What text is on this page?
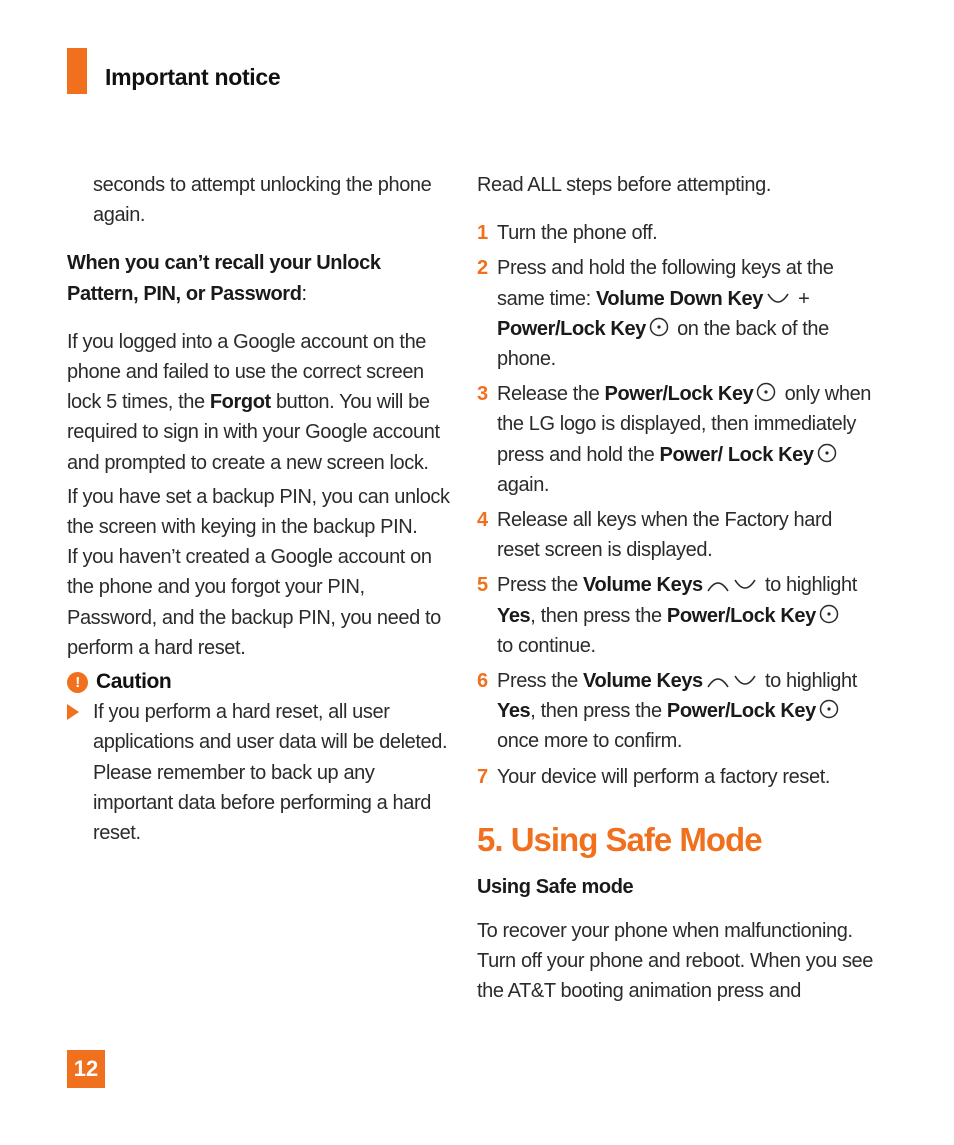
Important notice

seconds to attempt unlocking the phone again.

When you can’t recall your Unlock Pattern, PIN, or Password:

If you logged into a Google account on the phone and failed to use the correct screen lock 5 times, the Forgot button. You will be required to sign in with your Google account and prompted to create a new screen lock.

If you have set a backup PIN, you can unlock the screen with keying in the backup PIN.

If you haven’t created a Google account on the phone and you forgot your PIN, Password, and the backup PIN, you need to perform a hard reset.

! Caution

If you perform a hard reset, all user applications and user data will be deleted. Please remember to back up any important data before performing a hard reset.

Read ALL steps before attempting.

1 Turn the phone off.
2 Press and hold the following keys at the same time: Volume Down Key + Power/Lock Key on the back of the phone.
3 Release the Power/Lock Key only when the LG logo is displayed, then immediately press and hold the Power/ Lock Key again.
4 Release all keys when the Factory hard reset screen is displayed.
5 Press the Volume Keys	to highlight Yes, then press the Power/Lock Key
to continue.
6 Press the Volume Keys	to highlight Yes, then press the Power/Lock Key
once more to confirm.
7 Your device will perform a factory reset.

5. Using Safe Mode

Using Safe mode

To recover your phone when malfunctioning. Turn off your phone and reboot. When you see the AT&T booting animation press and

12
